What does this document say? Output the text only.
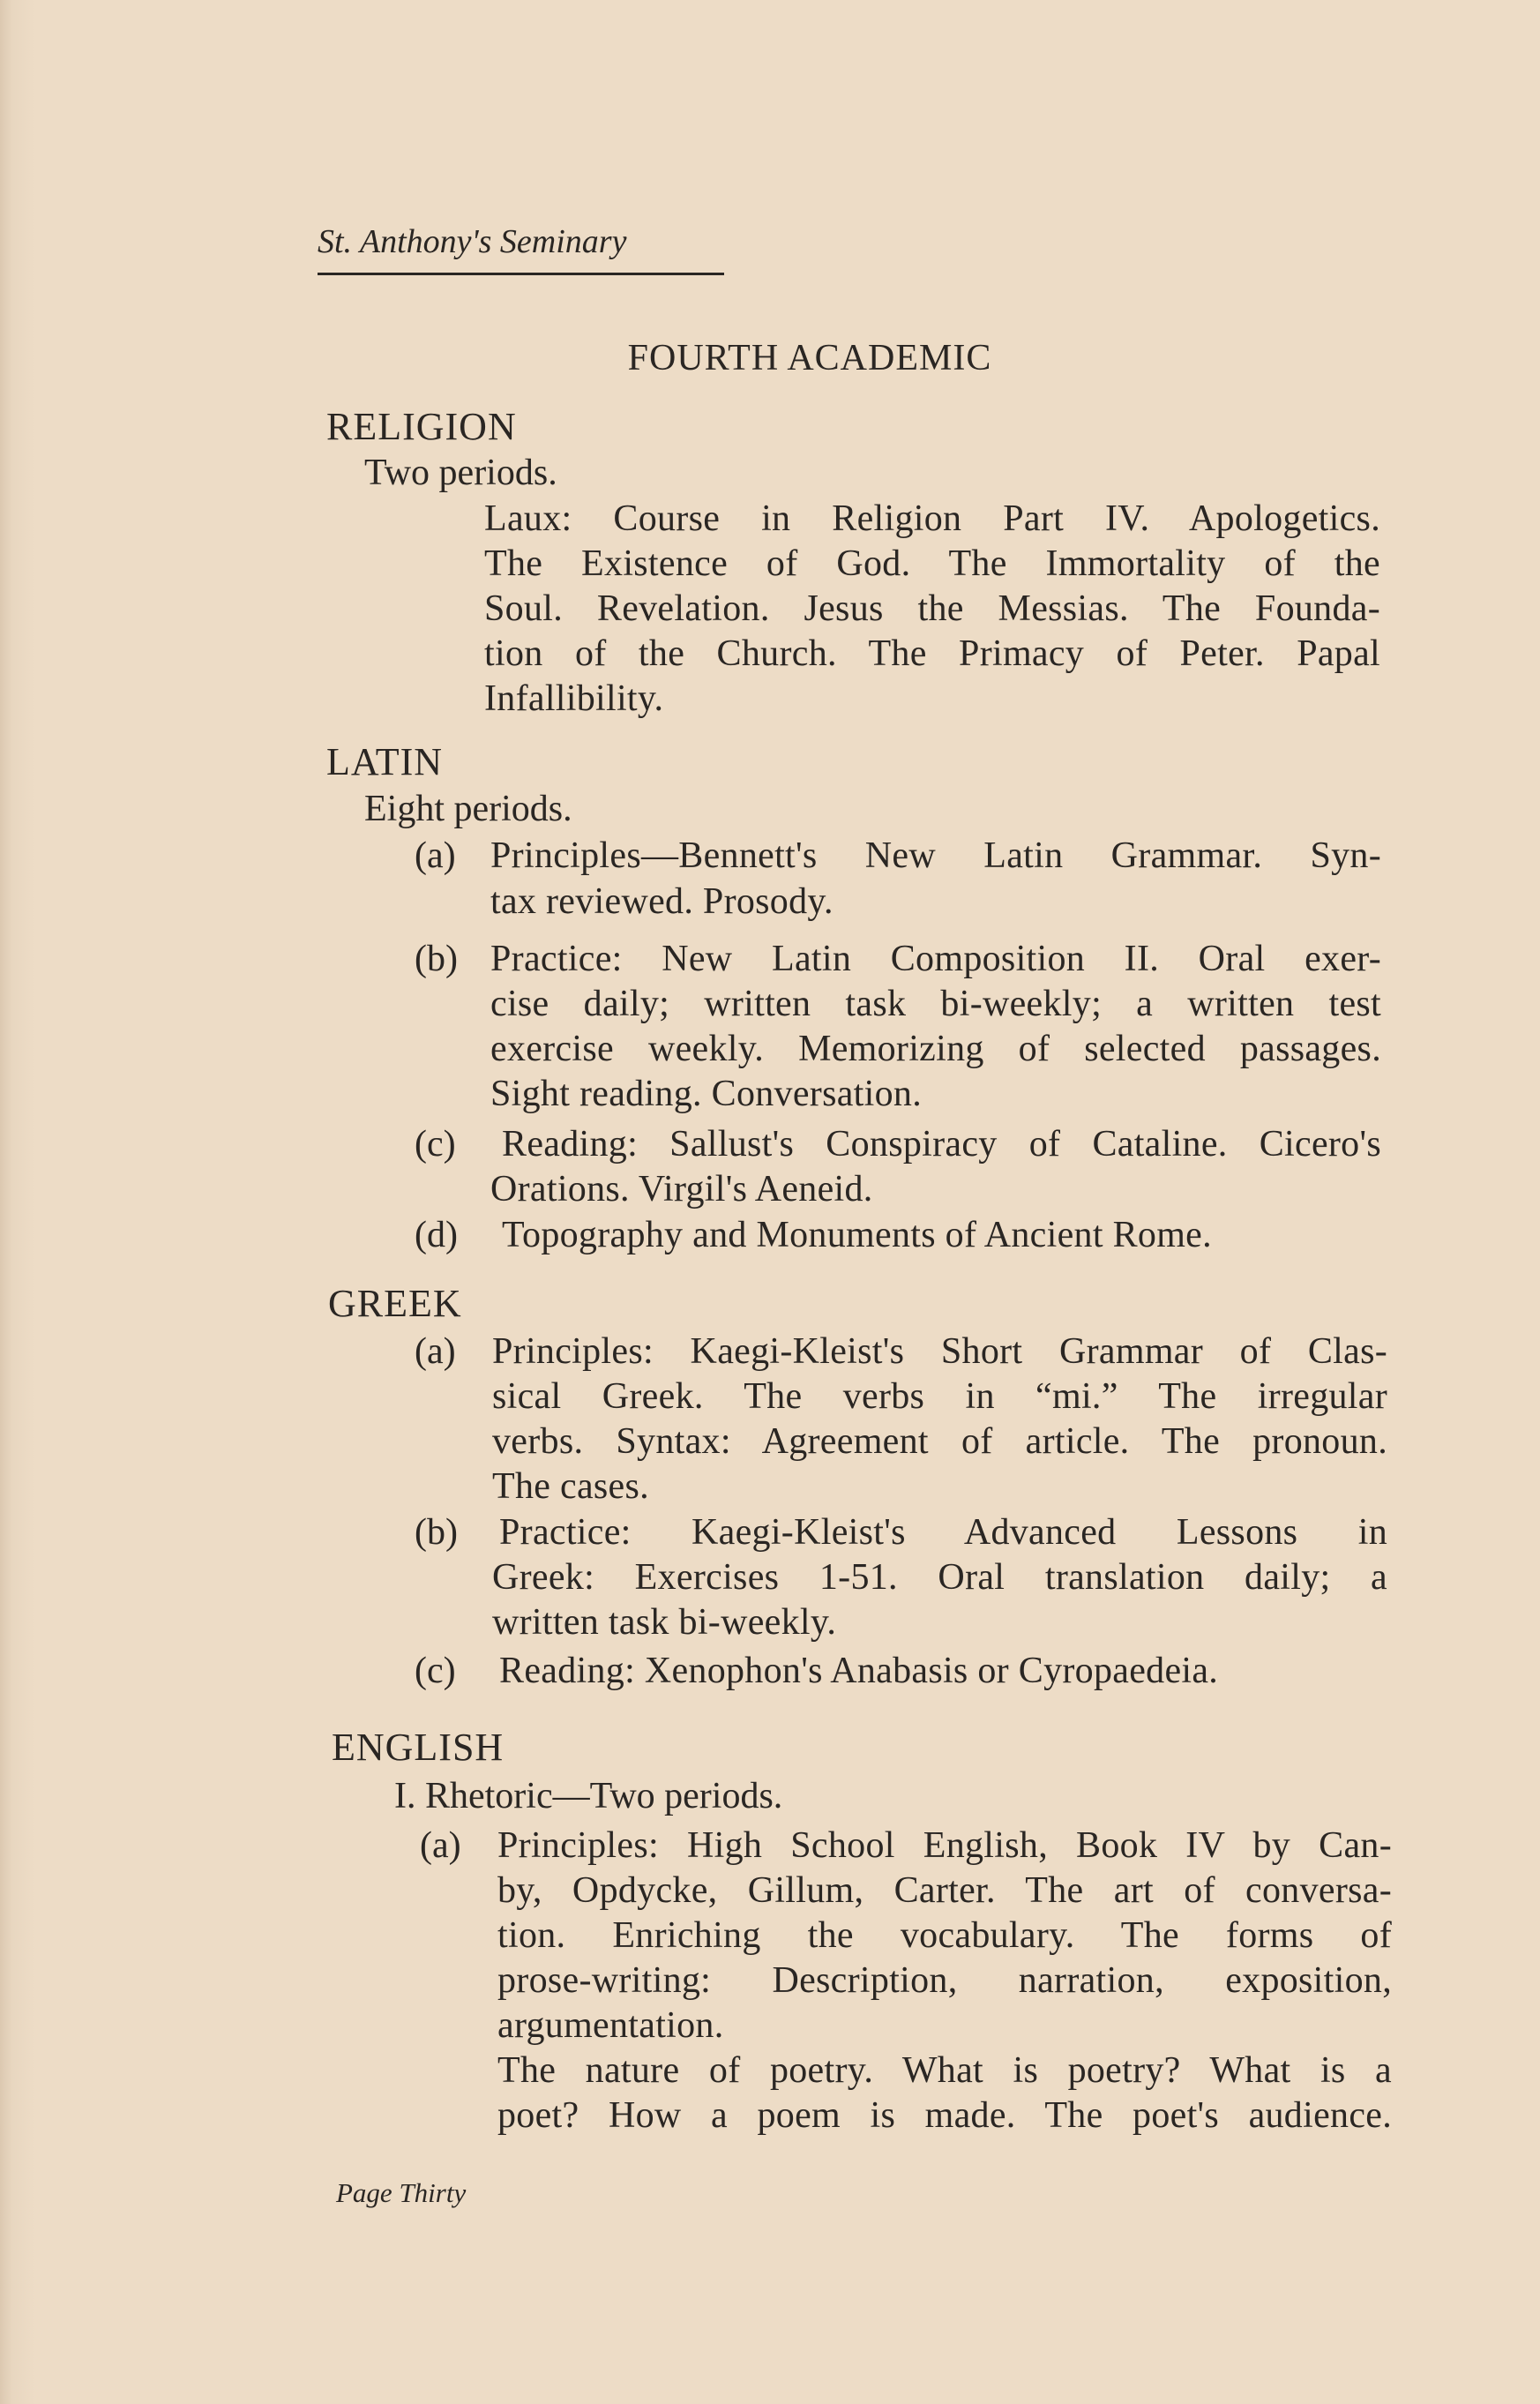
St. Anthony's Seminary
FOURTH ACADEMIC
RELIGION
Two periods.
Laux: Course in Religion Part IV. Apologetics.
The Existence of God. The Immortality of the
Soul. Revelation. Jesus the Messias. The Founda-
tion of the Church. The Primacy of Peter. Papal
Infallibility.
LATIN
Eight periods.
(a) Principles—Bennett's New Latin Grammar. Syn-
tax reviewed. Prosody.
(b) Practice: New Latin Composition II. Oral exer-
cise daily; written task bi-weekly; a written test
exercise weekly. Memorizing of selected passages.
Sight reading. Conversation.
(c) Reading: Sallust's Conspiracy of Cataline. Cicero's
Orations. Virgil's Aeneid.
(d) Topography and Monuments of Ancient Rome.
GREEK
(a) Principles: Kaegi-Kleist's Short Grammar of Clas-
sical Greek. The verbs in “mi.” The irregular
verbs. Syntax: Agreement of article. The pronoun.
The cases.
(b) Practice: Kaegi-Kleist's Advanced Lessons in
Greek: Exercises 1-51. Oral translation daily; a
written task bi-weekly.
(c) Reading: Xenophon's Anabasis or Cyropaedeia.
ENGLISH
I. Rhetoric—Two periods.
(a) Principles: High School English, Book IV by Can-
by, Opdycke, Gillum, Carter. The art of conversa-
tion. Enriching the vocabulary. The forms of
prose-writing: Description, narration, exposition,
argumentation.
The nature of poetry. What is poetry? What is a
poet? How a poem is made. The poet's audience.
Page Thirty
